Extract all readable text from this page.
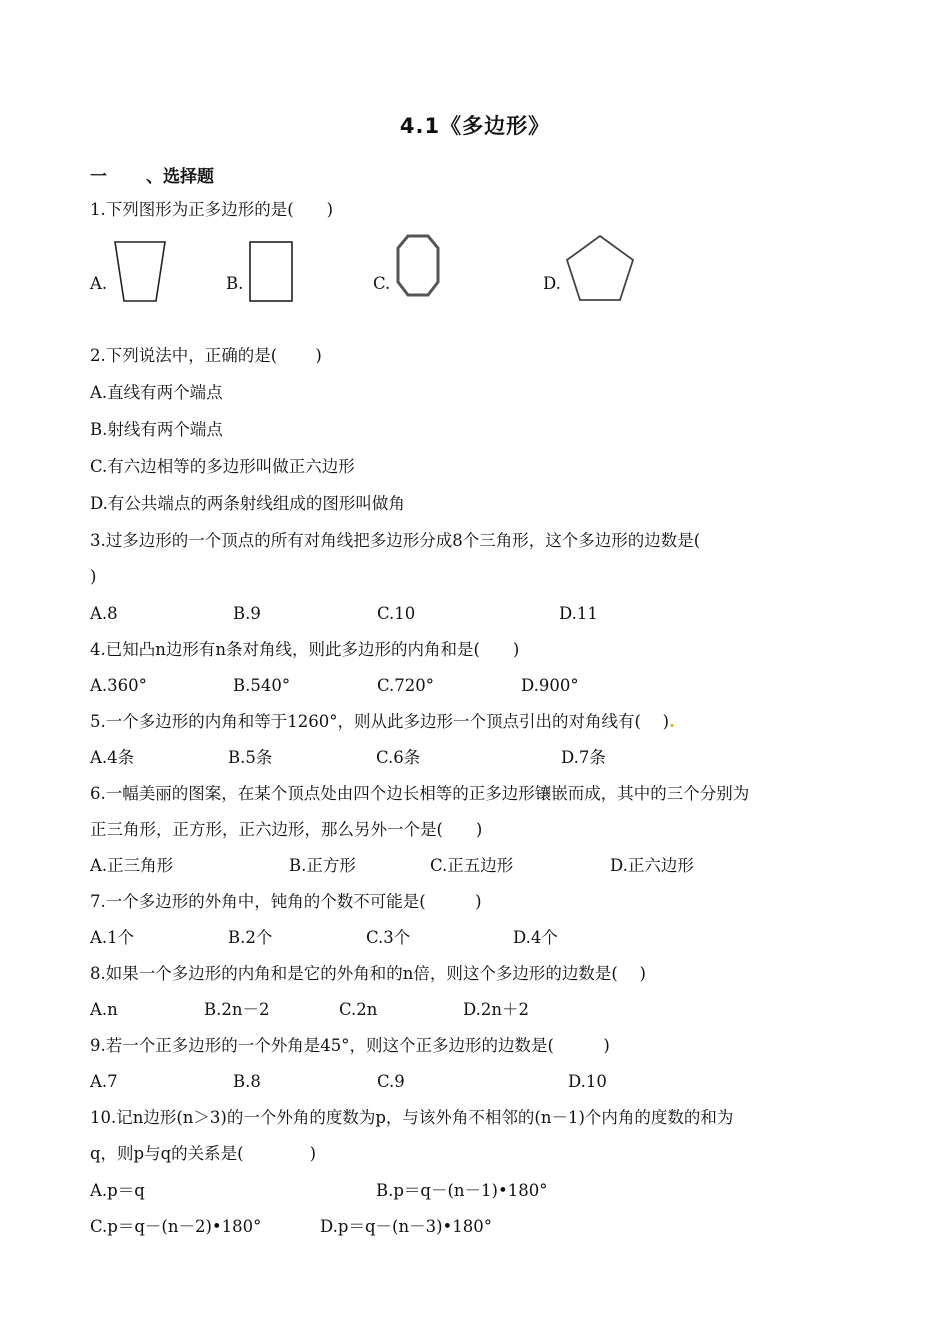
4.1《多边形》
一 、选择题
1.下列图形为正多边形的是(　　)
A.	B.	C.	D.
2.下列说法中，正确的是(　　 )
A.直线有两个端点
B.射线有两个端点
C.有六边相等的多边形叫做正六边形
D.有公共端点的两条射线组成的图形叫做角
3.过多边形的一个顶点的所有对角线把多边形分成8个三角形，这个多边形的边数是(
)
A.8	B.9	C.10	D.11
4.已知凸n边形有n条对角线，则此多边形的内角和是(　　)
A.360°	B.540°	C.720°	D.900°
5.一个多边形的内角和等于1260°，则从此多边形一个顶点引出的对角线有(　 ).
A.4条	B.5条	C.6条	D.7条
6.一幅美丽的图案，在某个顶点处由四个边长相等的正多边形镶嵌而成，其中的三个分别为
正三角形，正方形，正六边形，那么另外一个是(　　)
A.正三角形	B.正方形	C.正五边形	D.正六边形
7.一个多边形的外角中，钝角的个数不可能是(　　　)
A.1个	B.2个	C.3个	D.4个
8.如果一个多边形的内角和是它的外角和的n倍，则这个多边形的边数是(　 )
A.n	B.2n－2	C.2n	D.2n＋2
9.若一个正多边形的一个外角是45°，则这个正多边形的边数是(　　　)
A.7	B.8	C.9	D.10
10.记n边形(n＞3)的一个外角的度数为p，与该外角不相邻的(n－1)个内角的度数的和为
q，则p与q的关系是(　　　　)
A.p＝q	B.p＝q－(n－1)•180°
C.p＝q－(n－2)•180°	D.p＝q－(n－3)•180°
